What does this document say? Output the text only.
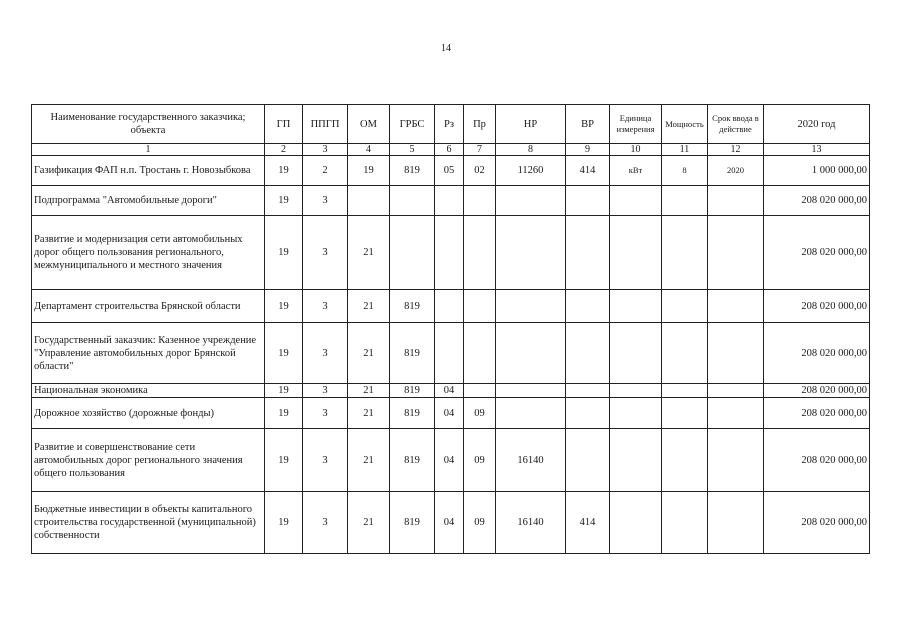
14
Наименование государственного заказчика; объекта	ГП	ППГП	ОМ	ГРБС	Рз	Пр	НР	ВР	Единица измерения	Мощность	Срок ввода в действие	2020 год
1	2	3	4	5	6	7	8	9	10	11	12	13
Газификация ФАП н.п. Тростань г. Новозыбкова	19	2	19	819	05	02	11260	414	кВт	8	2020	1 000 000,00
Подпрограмма "Автомобильные дороги"	19	3										208 020 000,00
Развитие и модернизация сети автомобильных дорог общего пользования регионального, межмуниципального и местного значения	19	3	21									208 020 000,00
Департамент строительства Брянской области	19	3	21	819								208 020 000,00
Государственный заказчик: Казенное учреждение "Управление автомобильных дорог Брянской области"	19	3	21	819								208 020 000,00
Национальная экономика	19	3	21	819	04							208 020 000,00
Дорожное хозяйство (дорожные фонды)	19	3	21	819	04	09						208 020 000,00
Развитие и совершенствование сети автомобильных дорог регионального значения общего пользования	19	3	21	819	04	09	16140					208 020 000,00
Бюджетные инвестиции в объекты капитального строительства государственной (муниципальной) собственности	19	3	21	819	04	09	16140	414				208 020 000,00
